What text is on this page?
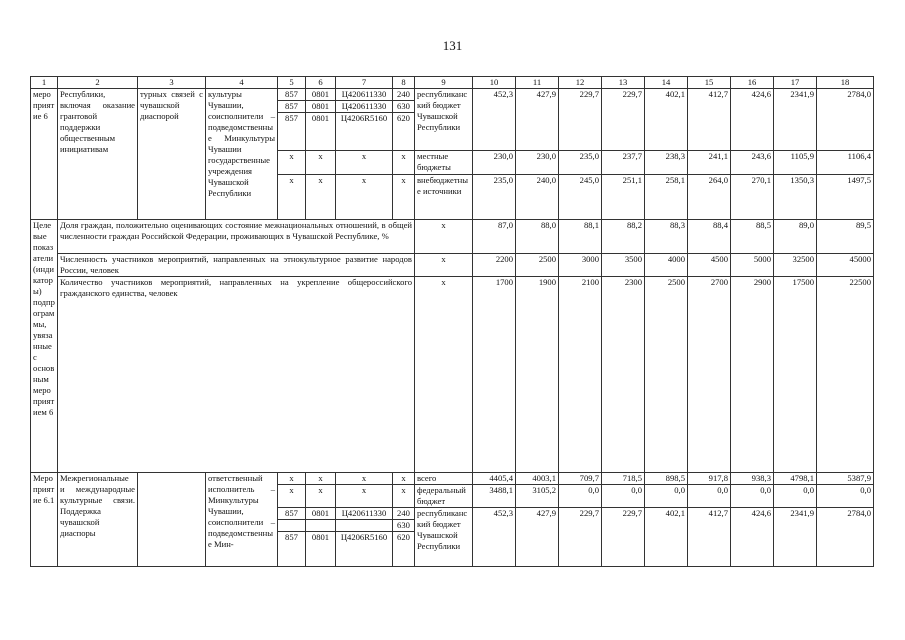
131
1	2	3	4	5	6	7	8	9	10	11	12	13	14	15	16	17	18
мероприятие 6	Республики, включая оказание грантовой поддержки общественным инициативам	турных связей с чувашской диаспорой	культуры Чувашии, соисполнители – подведомственные Минкультуры Чувашии государственные учреждения Чувашской Республики	857	0801	Ц420611330	240	республиканский бюджет Чувашской Республики	452,3	427,9	229,7	229,7	402,1	412,7	424,6	2341,9	2784,0
				857	0801	Ц420611330	630										
				857	0801	Ц4206R5160	620										
				x	x	x	x	местные бюджеты	230,0	230,0	235,0	237,7	238,3	241,1	243,6	1105,9	1106,4
				x	x	x	x	внебюджетные источники	235,0	240,0	245,0	251,1	258,1	264,0	270,1	1350,3	1497,5
Целевые показатели (индикаторы) подпрограммы, увязанные с основным мероприятием 6	Доля граждан, положительно оценивающих состояние межнациональных отношений, в общей численности граждан Российской Федерации, проживающих в Чувашской Республике, %							x	87,0	88,0	88,1	88,2	88,3	88,4	88,5	89,0	89,5
	Численность участников мероприятий, направленных на этнокультурное развитие народов России, человек							x	2200	2500	3000	3500	4000	4500	5000	32500	45000
	Количество участников мероприятий, направленных на укрепление общероссийского гражданского единства, человек							x	1700	1900	2100	2300	2500	2700	2900	17500	22500
Мероприятие 6.1	Межрегиональные и международные культурные связи. Поддержка чувашской диаспоры		ответственный исполнитель – Минкультуры Чувашии, соисполнители – подведомственные Мин-	x	x	x	x	всего	4405,4	4003,1	709,7	718,5	898,5	917,8	938,3	4798,1	5387,9
				x	x	x	x	федеральный бюджет	3488,1	3105,2	0,0	0,0	0,0	0,0	0,0	0,0	0,0
				857	0801	Ц420611330	240	республиканский бюджет Чувашской Республики	452,3	427,9	229,7	229,7	402,1	412,7	424,6	2341,9	2784,0
							630										
				857	0801	Ц4206R5160	620										
